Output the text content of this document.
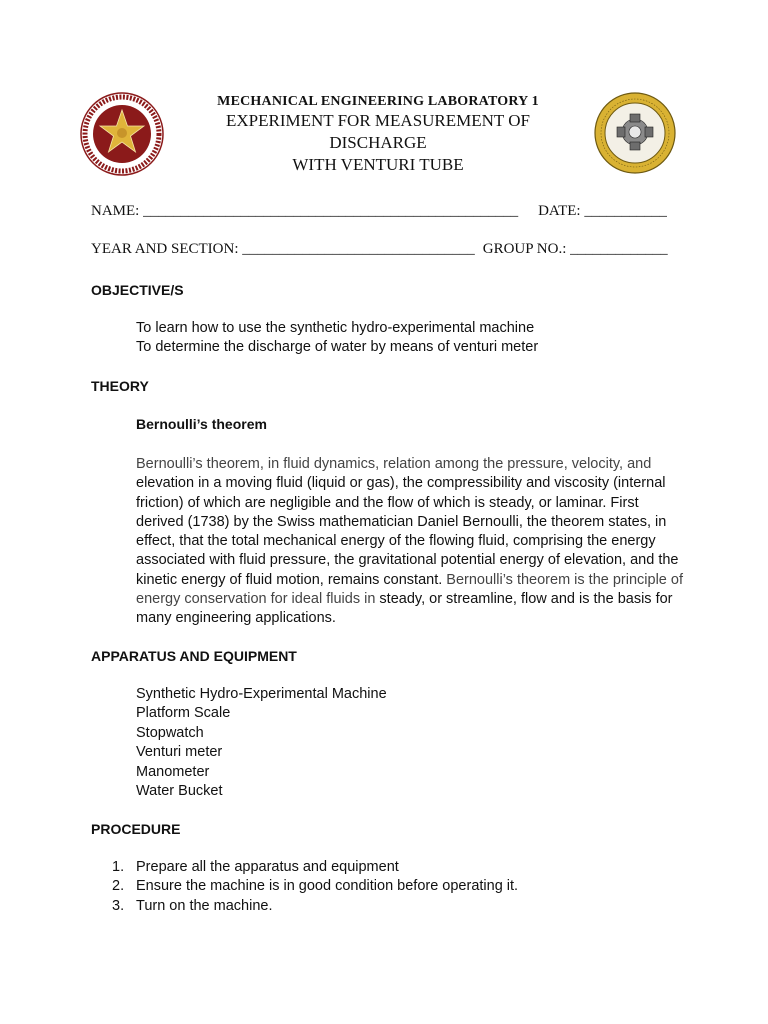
MECHANICAL ENGINEERING LABORATORY 1
EXPERIMENT FOR MEASUREMENT OF
DISCHARGE
WITH VENTURI TUBE
NAME: __________________________________________________ DATE: ___________
YEAR AND SECTION: _______________________________ GROUP NO.: _____________
OBJECTIVE/S
To learn how to use the synthetic hydro-experimental machine
To determine the discharge of water by means of venturi meter
THEORY
Bernoulli’s theorem
Bernoulli’s theorem, in fluid dynamics, relation among the pressure, velocity, and elevation in a moving fluid (liquid or gas), the compressibility and viscosity (internal friction) of which are negligible and the flow of which is steady, or laminar. First derived (1738) by the Swiss mathematician Daniel Bernoulli, the theorem states, in effect, that the total mechanical energy of the flowing fluid, comprising the energy associated with fluid pressure, the gravitational potential energy of elevation, and the kinetic energy of fluid motion, remains constant. Bernoulli’s theorem is the principle of energy conservation for ideal fluids in steady, or streamline, flow and is the basis for many engineering applications.
APPARATUS AND EQUIPMENT
Synthetic Hydro-Experimental Machine
Platform Scale
Stopwatch
Venturi meter
Manometer
Water Bucket
PROCEDURE
1. Prepare all the apparatus and equipment
2. Ensure the machine is in good condition before operating it.
3. Turn on the machine.
